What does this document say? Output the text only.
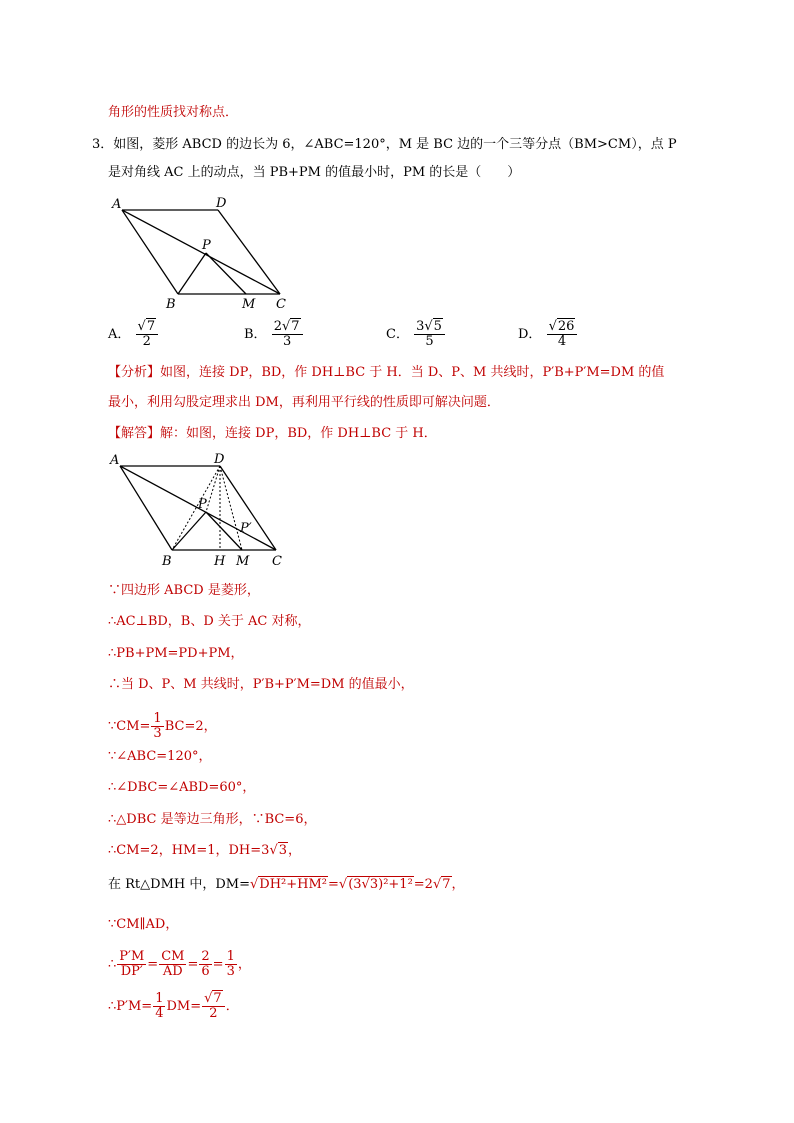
角形的性质找对称点．
3．如图，菱形 ABCD 的边长为 6，∠ABC=120°，M 是 BC 边的一个三等分点（BM>CM），点 P
是对角线 AC 上的动点，当 PB+PM 的值最小时，PM 的长是（　　）
A	D
P
B	M C
A． $\frac{√7}{2}$	B． $\frac{2√7}{3}$	C． $\frac{3√5}{5}$	D． $\frac{√26}{4}$
【分析】如图，连接 DP，BD，作 DH⊥BC 于 H．当 D、P、M 共线时，P′B+P′M=DM 的值
最小，利用勾股定理求出 DM，再利用平行线的性质即可解决问题．
【解答】解：如图，连接 DP，BD，作 DH⊥BC 于 H．
A	D
P
P′
B	H M C
∵四边形 ABCD 是菱形，
∴AC⊥BD，B、D 关于 AC 对称，
∴PB+PM=PD+PM，
∴当 D、P、M 共线时，P′B+P′M=DM 的值最小，
∵CM= $\frac{1}{3} BC=2$，
∵∠ABC=120°，
∴∠DBC=∠ABD=60°，
∴△DBC 是等边三角形，∵BC=6，
∴CM=2，HM=1，DH=3√3，
在 Rt△DMH 中，DM=√DH²+HM²=√(3√3)²+1²=2√7，
∵CM∥AD，
∴ $\frac{P'M}{DP'} = \frac{CM}{AD} = \frac{2}{6} = \frac{1}{3}$ ，
∴P′M= $\frac{1}{4} DM= \frac{√7}{2}$ ．
